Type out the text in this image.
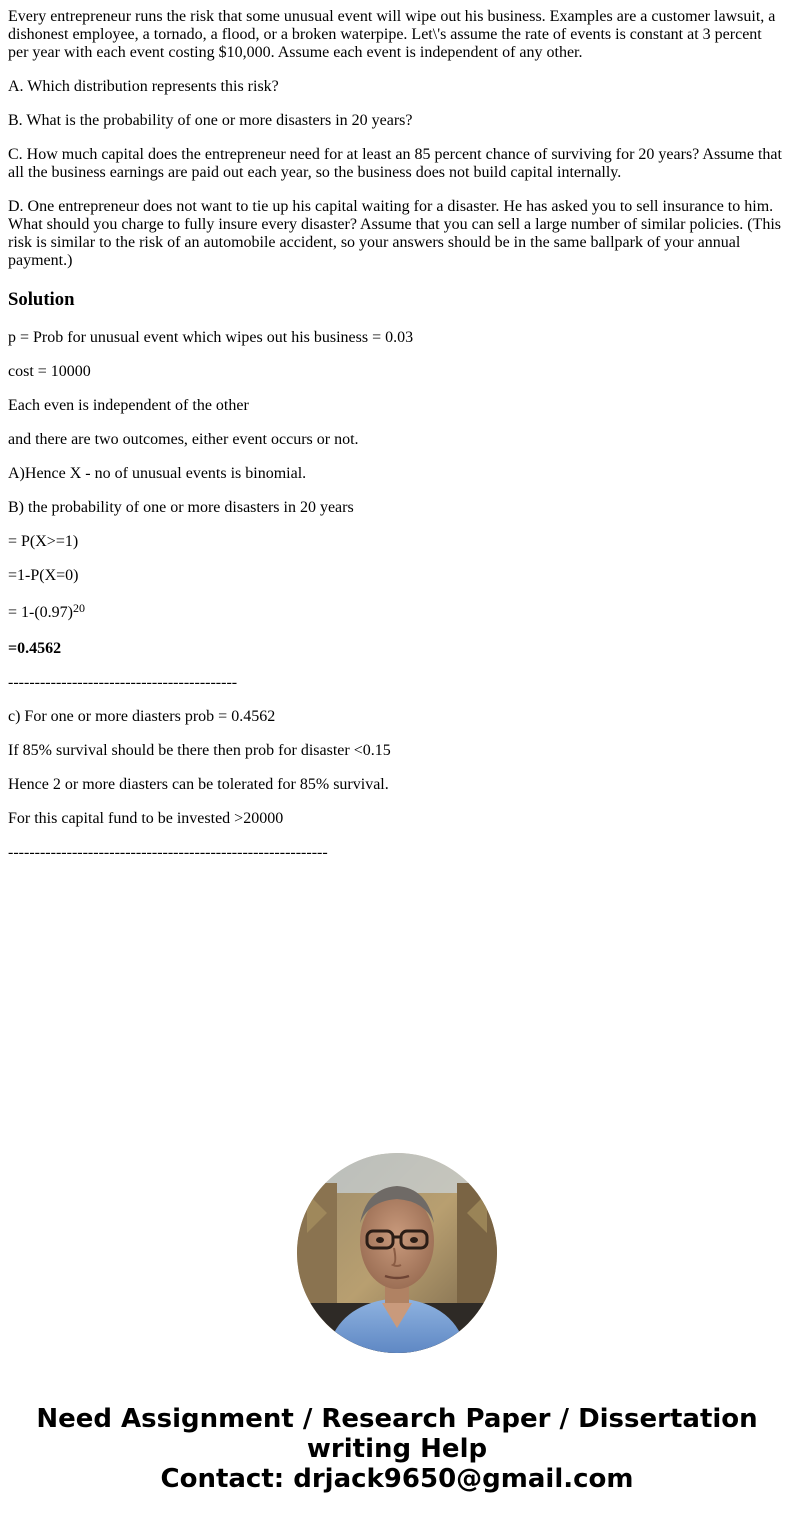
Every entrepreneur runs the risk that some unusual event will wipe out his business. Examples are a customer lawsuit, a dishonest employee, a tornado, a flood, or a broken waterpipe. Let\'s assume the rate of events is constant at 3 percent per year with each event costing $10,000. Assume each event is independent of any other.

A. Which distribution represents this risk?

B. What is the probability of one or more disasters in 20 years?

C. How much capital does the entrepreneur need for at least an 85 percent chance of surviving for 20 years? Assume that all the business earnings are paid out each year, so the business does not build capital internally.

D. One entrepreneur does not want to tie up his capital waiting for a disaster. He has asked you to sell insurance to him. What should you charge to fully insure every disaster? Assume that you can sell a large number of similar policies. (This risk is similar to the risk of an automobile accident, so your answers should be in the same ballpark of your annual payment.)

Solution

p = Prob for unusual event which wipes out his business = 0.03

cost = 10000

Each even is independent of the other

and there are two outcomes, either event occurs or not.

A)Hence X - no of unusual events is binomial.

B) the probability of one or more disasters in 20 years

= P(X>=1)

=1-P(X=0)

= $1-(0.97)^{20}$

=0.4562

-------------------------------------------

c) For one or more diasters prob = 0.4562

If 85% survival should be there then prob for disaster <0.15

Hence 2 or more diasters can be tolerated for 85% survival.

For this capital fund to be invested >20000

------------------------------------------------------------

Need Assignment / Research Paper / Dissertation
writing Help
Contact: drjack9650@gmail.com
